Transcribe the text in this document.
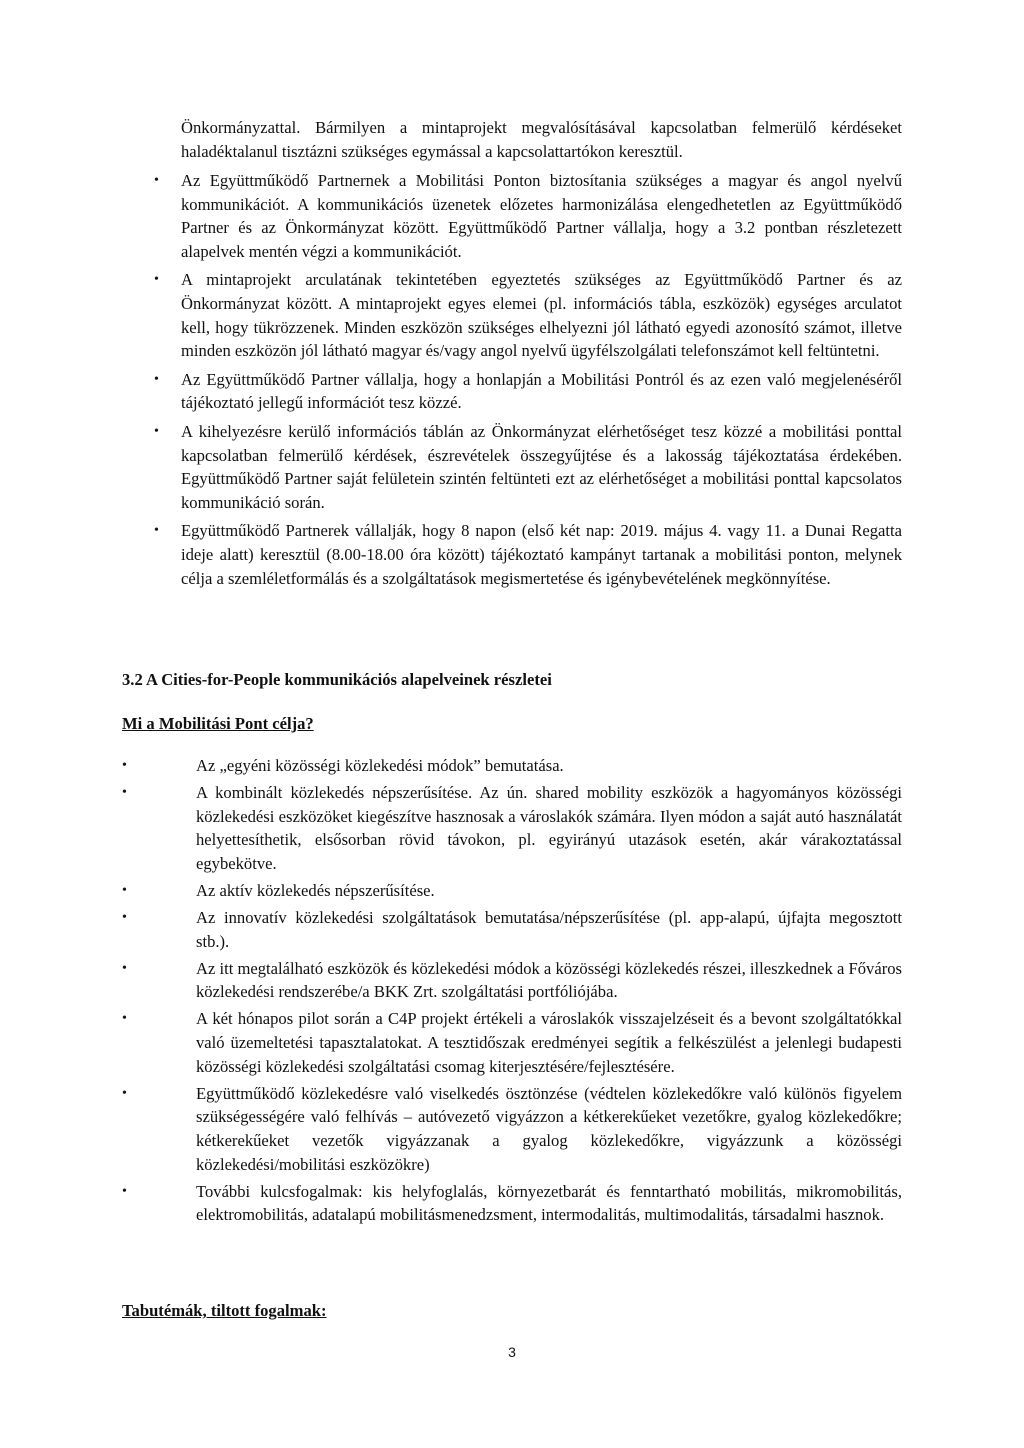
Önkormányzattal. Bármilyen a mintaprojekt megvalósításával kapcsolatban felmerülő kérdéseket haladéktalanul tisztázni szükséges egymással a kapcsolattartókon keresztül.
• Az Együttműködő Partnernek a Mobilitási Ponton biztosítania szükséges a magyar és angol nyelvű kommunikációt. A kommunikációs üzenetek előzetes harmonizálása elengedhetetlen az Együttműködő Partner és az Önkormányzat között. Együttműködő Partner vállalja, hogy a 3.2 pontban részletezett alapelvek mentén végzi a kommunikációt.
• A mintaprojekt arculatának tekintetében egyeztetés szükséges az Együttműködő Partner és az Önkormányzat között. A mintaprojekt egyes elemei (pl. információs tábla, eszközök) egységes arculatot kell, hogy tükrözzenek. Minden eszközön szükséges elhelyezni jól látható egyedi azonosító számot, illetve minden eszközön jól látható magyar és/vagy angol nyelvű ügyfélszolgálati telefonszámot kell feltüntetni.
• Az Együttműködő Partner vállalja, hogy a honlapján a Mobilitási Pontról és az ezen való megjelenéséről tájékoztató jellegű információt tesz közzé.
• A kihelyezésre kerülő információs táblán az Önkormányzat elérhetőséget tesz közzé a mobilitási ponttal kapcsolatban felmerülő kérdések, észrevételek összegyűjtése és a lakosság tájékoztatása érdekében. Együttműködő Partner saját felületein szintén feltünteti ezt az elérhetőséget a mobilitási ponttal kapcsolatos kommunikáció során.
• Együttműködő Partnerek vállalják, hogy 8 napon (első két nap: 2019. május 4. vagy 11. a Dunai Regatta ideje alatt) keresztül (8.00-18.00 óra között) tájékoztató kampányt tartanak a mobilitási ponton, melynek célja a szemléletformálás és a szolgáltatások megismertetése és igénybevételének megkönnyítése.
3.2 A Cities-for-People kommunikációs alapelveinek részletei
Mi a Mobilitási Pont célja?
•	Az „egyéni közösségi közlekedési módok” bemutatása.
•	A kombinált közlekedés népszerűsítése. Az ún. shared mobility eszközök a hagyományos közösségi közlekedési eszközöket kiegészítve hasznosak a városlakók számára. Ilyen módon a saját autó használatát helyettesíthetik, elsősorban rövid távokon, pl. egyirányú utazások esetén, akár várakoztatással egybekötve.
•	Az aktív közlekedés népszerűsítése.
•	Az innovatív közlekedési szolgáltatások bemutatása/népszerűsítése (pl. app-alapú, újfajta megosztott stb.).
•	Az itt megtalálható eszközök és közlekedési módok a közösségi közlekedés részei, illeszkednek a Főváros közlekedési rendszerébe/a BKK Zrt. szolgáltatási portfóliójába.
•	A két hónapos pilot során a C4P projekt értékeli a városlakók visszajelzéseit és a bevont szolgáltatókkal való üzemeltetési tapasztalatokat. A tesztidőszak eredményei segítik a felkészülést a jelenlegi budapesti közösségi közlekedési szolgáltatási csomag kiterjesztésére/fejlesztésére.
•	Együttműködő közlekedésre való viselkedés ösztönzése (védtelen közlekedőkre való különös figyelem szükségességére való felhívás – autóvezető vigyázzon a kétkerekűeket vezetőkre, gyalog közlekedőkre; kétkerekűeket vezetők vigyázzanak a gyalog közlekedőkre, vigyázzunk a közösségi közlekedési/mobilitási eszközökre)
•	További kulcsfogalmak: kis helyfoglalás, környezetbarát és fenntartható mobilitás, mikromobilitás, elektromobilitás, adatalapú mobilitásmenedzsment, intermodalitás, multimodalitás, társadalmi hasznok.
Tabutémák, tiltott fogalmak:
3
